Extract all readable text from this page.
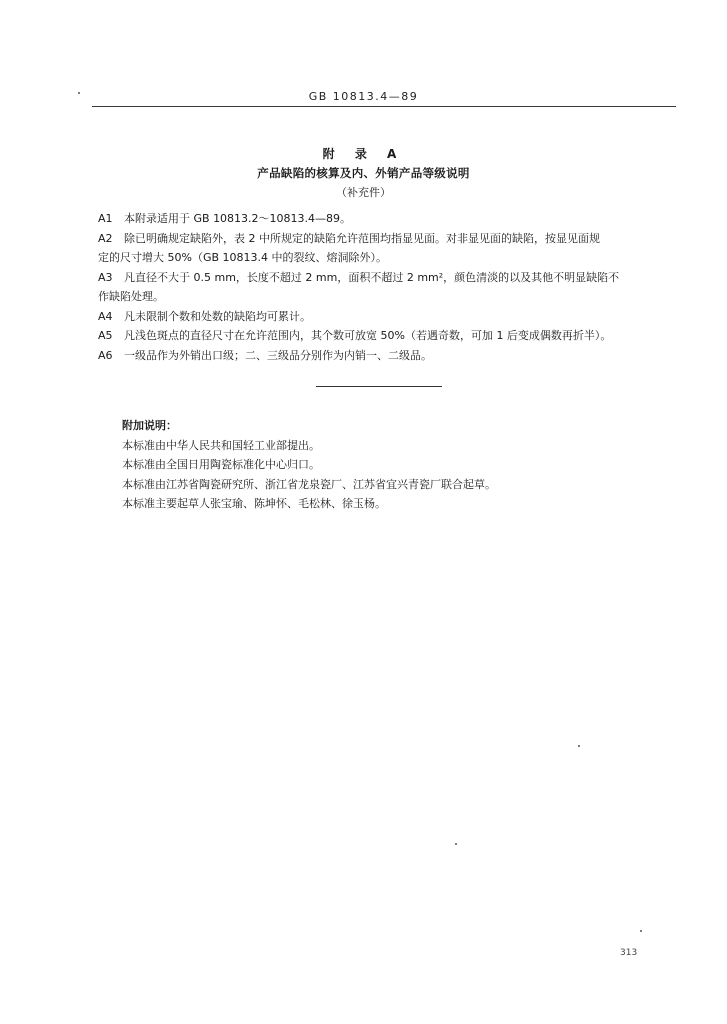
GB 10813.4—89
附 录 A
产品缺陷的核算及内、外销产品等级说明
（补充件）

A1 本附录适用于 GB 10813.2～10813.4—89。

A2 除已明确规定缺陷外，表 2 中所规定的缺陷允许范围均指显见面。对非显见面的缺陷，按显见面规

定的尺寸增大 50%（GB 10813.4 中的裂纹、熔洞除外）。

A3 凡直径不大于 0.5 mm，长度不超过 2 mm，面积不超过 2 mm²，颜色清淡的以及其他不明显缺陷不

作缺陷处理。

A4 凡未限制个数和处数的缺陷均可累计。

A5 凡浅色斑点的直径尺寸在允许范围内，其个数可放宽 50%（若遇奇数，可加 1 后变成偶数再折半）。

A6 一级品作为外销出口级；二、三级品分别作为内销一、二级品。

附加说明：

本标准由中华人民共和国轻工业部提出。

本标准由全国日用陶瓷标准化中心归口。

本标准由江苏省陶瓷研究所、浙江省龙泉瓷厂、江苏省宜兴青瓷厂联合起草。

本标准主要起草人张宝瑜、陈坤怀、毛松林、徐玉杨。

313
